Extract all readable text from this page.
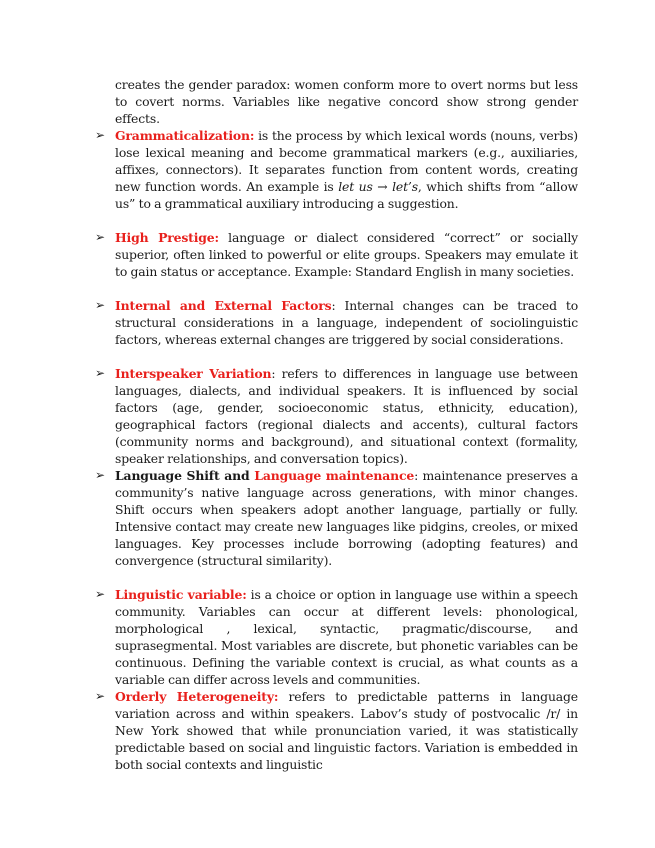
creates the gender paradox: women conform more to overt norms but less to covert norms. Variables like negative concord show strong gender effects.

➢ Grammaticalization: is the process by which lexical words (nouns, verbs) lose lexical meaning and become grammatical markers (e.g., auxiliaries, affixes, connectors). It separates function from content words, creating new function words. An example is let us → let’s, which shifts from “allow us” to a grammatical auxiliary introducing a suggestion.

➢ High Prestige: language or dialect considered “correct” or socially superior, often linked to powerful or elite groups. Speakers may emulate it to gain status or acceptance. Example: Standard English in many societies.

➢ Internal and External Factors: Internal changes can be traced to structural considerations in a language, independent of sociolinguistic factors, whereas external changes are triggered by social considerations.

➢ Interspeaker Variation: refers to differences in language use between languages, dialects, and individual speakers. It is influenced by social factors (age, gender, socioeconomic status, ethnicity, education), geographical factors (regional dialects and accents), cultural factors (community norms and background), and situational context (formality, speaker relationships, and conversation topics).

➢ Language Shift and Language maintenance: maintenance preserves a community’s native language across generations, with minor changes. Shift occurs when speakers adopt another language, partially or fully. Intensive contact may create new languages like pidgins, creoles, or mixed languages. Key processes include borrowing (adopting features) and convergence (structural similarity).

➢ Linguistic variable: is a choice or option in language use within a speech community. Variables can occur at different levels: phonological, morphological , lexical, syntactic, pragmatic/discourse, and suprasegmental. Most variables are discrete, but phonetic variables can be continuous. Defining the variable context is crucial, as what counts as a variable can differ across levels and communities.

➢ Orderly Heterogeneity: refers to predictable patterns in language variation across and within speakers. Labov’s study of postvocalic /r/ in New York showed that while pronunciation varied, it was statistically predictable based on social and linguistic factors. Variation is embedded in both social contexts and linguistic
